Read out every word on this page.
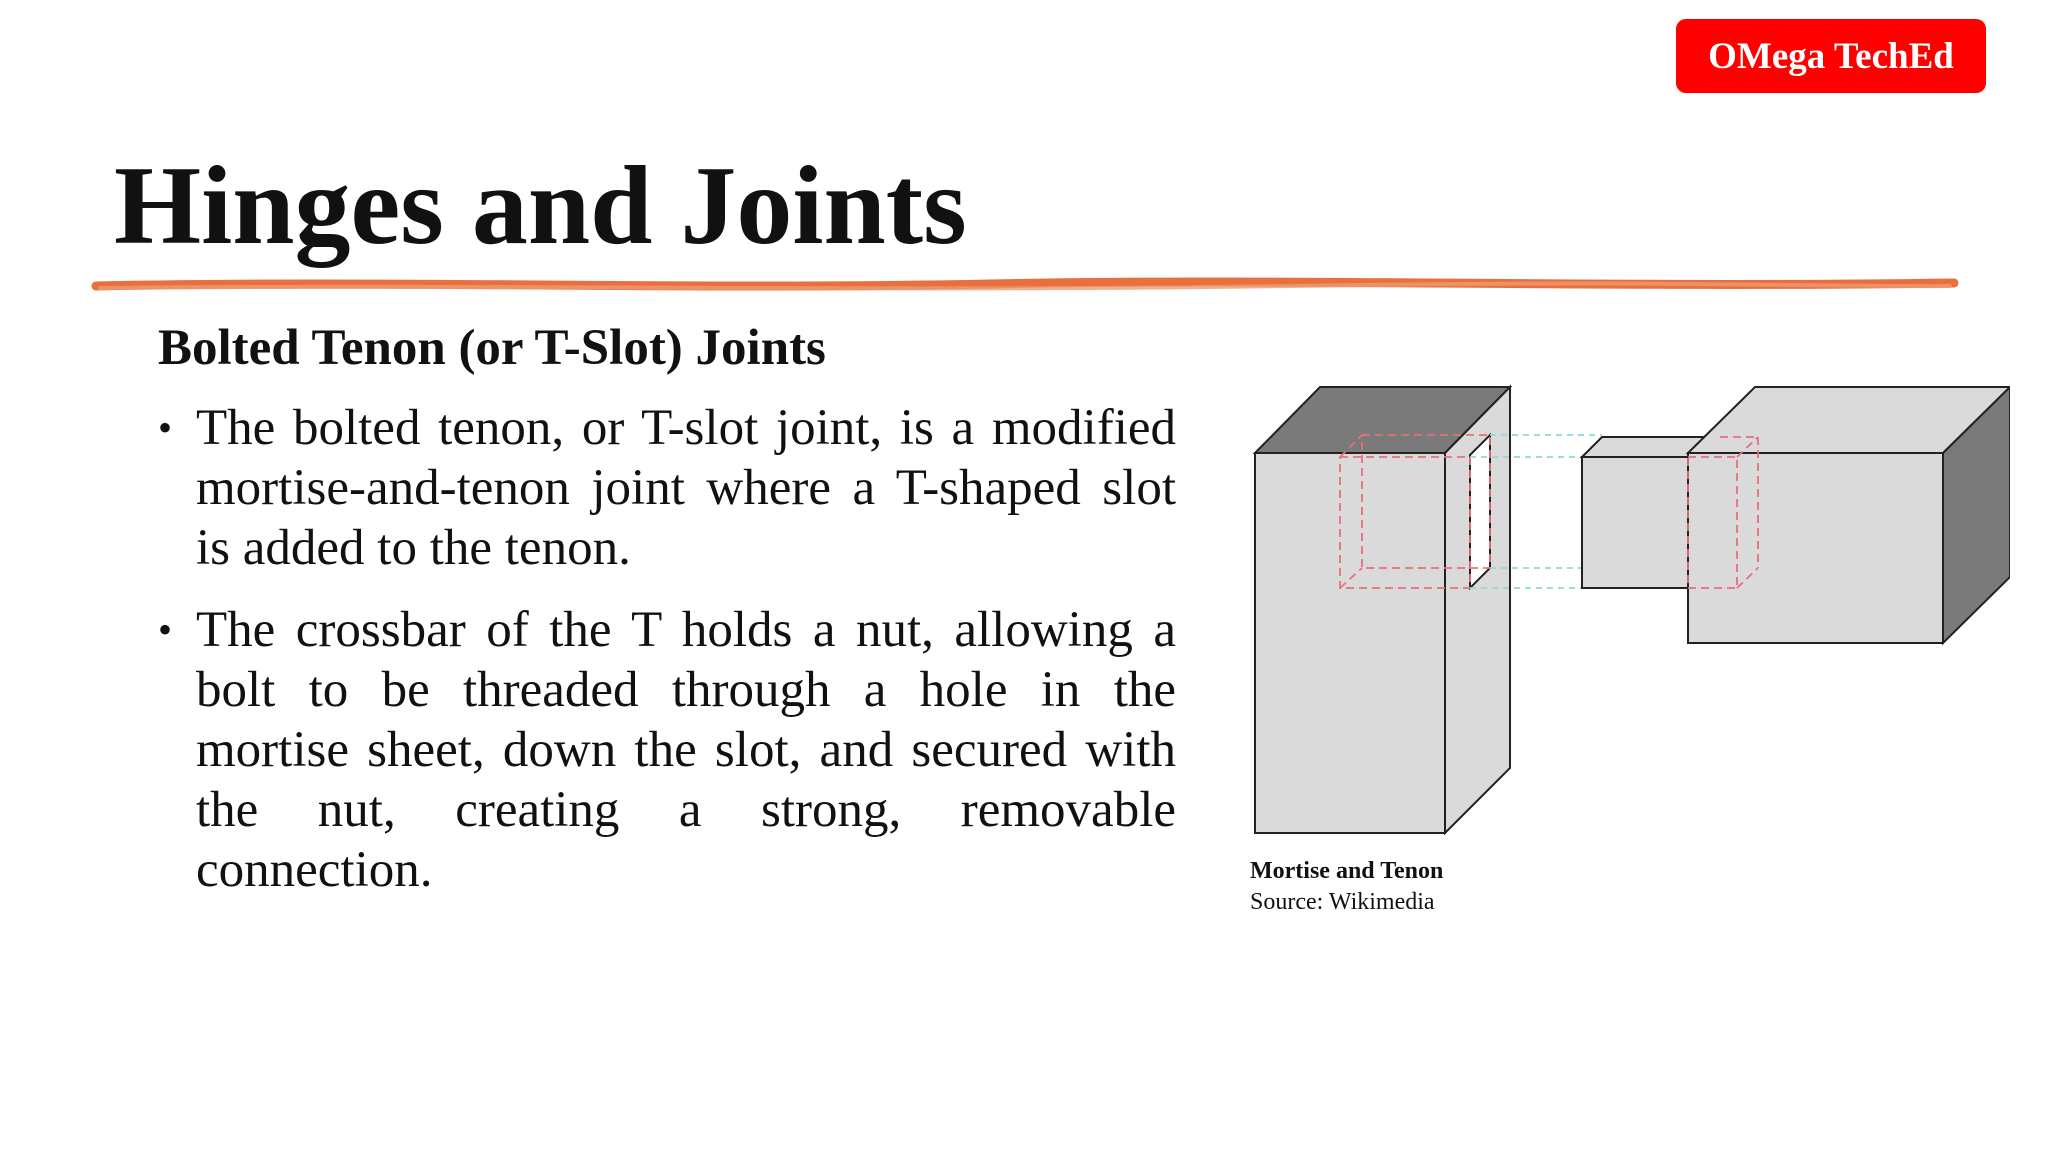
OMega TechEd
Hinges and Joints
Bolted Tenon (or T-Slot) Joints
• The bolted tenon, or T-slot joint, is a modified mortise-and-tenon joint where a T-shaped slot is added to the tenon.
• The crossbar of the T holds a nut, allowing a bolt to be threaded through a hole in the mortise sheet, down the slot, and secured with the nut, creating a strong, removable connection.	Mortise and Tenon
Source: Wikimedia
